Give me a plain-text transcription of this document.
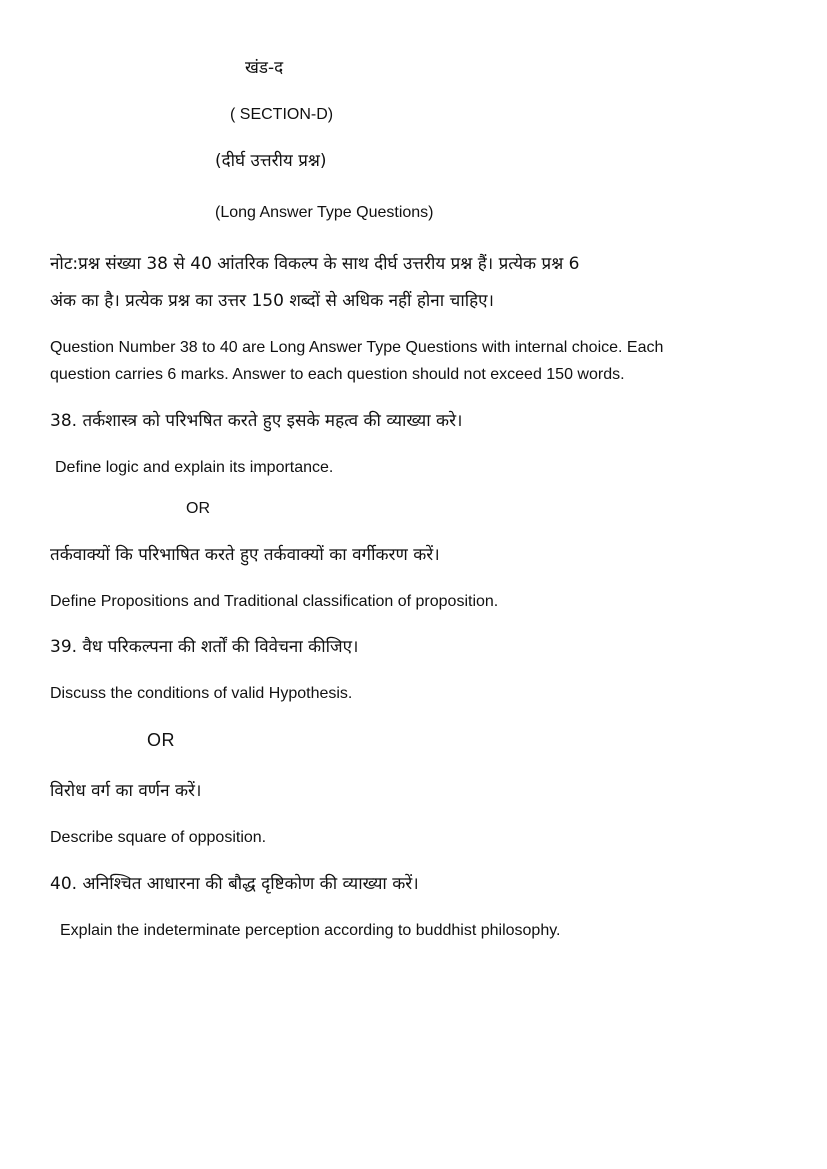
खंड-द
( SECTION-D)
(दीर्घ उत्तरीय प्रश्न)
(Long Answer Type Questions)
नोट:प्रश्न संख्या 38 से 40 आंतरिक विकल्प के साथ दीर्घ उत्तरीय प्रश्न हैं। प्रत्येक प्रश्न 6
अंक का है। प्रत्येक प्रश्न का उत्तर 150 शब्दों से अधिक नहीं होना चाहिए।
Question Number 38 to 40 are Long Answer Type Questions with internal choice. Each
question carries 6 marks. Answer to each question should not exceed 150 words.
38. तर्कशास्त्र को परिभषित करते हुए इसके महत्व की व्याख्या करे।
Define logic and explain its importance.
OR
तर्कवाक्यों कि परिभाषित करते हुए तर्कवाक्यों का वर्गीकरण करें।
Define Propositions and Traditional classification of proposition.
39. वैध परिकल्पना की शर्तों की विवेचना कीजिए।
Discuss the conditions of valid Hypothesis.
OR
विरोध वर्ग का वर्णन करें।
Describe square of opposition.
40. अनिश्चित आधारना की बौद्ध दृष्टिकोण की व्याख्या करें।
Explain the indeterminate perception according to buddhist philosophy.
